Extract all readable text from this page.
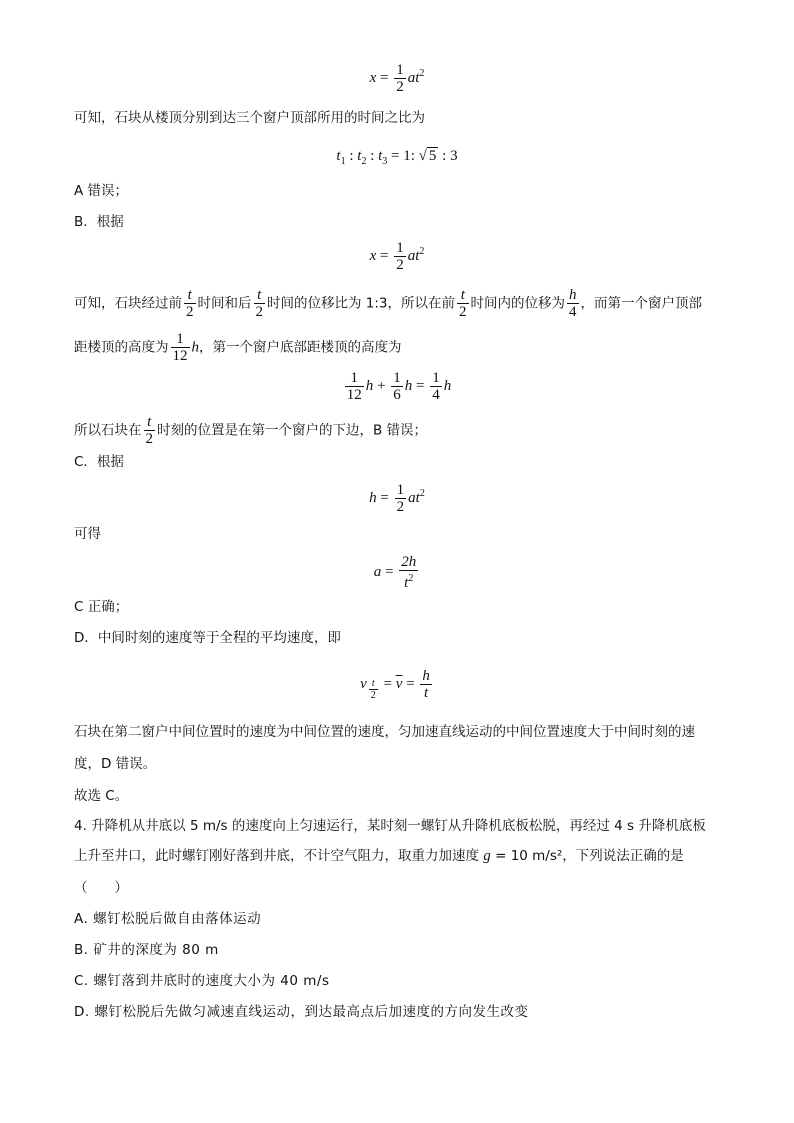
$x = \frac{1}{2} at^2$
可知，石块从楼顶分别到达三个窗户顶部所用的时间之比为
$t_1$ : $t_2$ : $t_3 = 1$: √ 5 : 3
A 错误；
B．根据
$x = \frac{1}{2} at^2$
可知，石块经过前 $\frac{t}{2}$ 时间和后 $\frac{t}{2}$ 时间的位移比为 1:3，所以在前 $\frac{t}{2}$ 时间内的位移为 $\frac{h}{4}$ ，而第一个窗户顶部
距楼顶的高度为 $\frac{1}{12}$ h，第一个窗户底部距楼顶的高度为
$\frac{1}{12}$ $h + \frac{1}{6}$ $h = \frac{1}{4}$ h
所以石块在 $\frac{t}{2}$ 时刻的位置是在第一个窗户的下边，B 错误；
C．根据
$h = \frac{1}{2} at^2$
可得
$a = \frac{2h}{t^2}$
C 正确；
D．中间时刻的速度等于全程的平均速度，即
v $\frac{t}{2} = \overline{v} = \frac{h}{t}$
石块在第二窗户中间位置时的速度为中间位置的速度，匀加速直线运动的中间位置速度大于中间时刻的速
度，D 错误。
故选 C。
4. 升降机从井底以 5 m/s 的速度向上匀速运行，某时刻一螺钉从升降机底板松脱，再经过 4 s 升降机底板
上升至井口，此时螺钉刚好落到井底，不计空气阻力，取重力加速度 g = 10 m/s²，下列说法正确的是
（　　）
A. 螺钉松脱后做自由落体运动
B. 矿井的深度为 80 m
C. 螺钉落到井底时的速度大小为 40 m/s
D. 螺钉松脱后先做匀减速直线运动，到达最高点后加速度的方向发生改变
